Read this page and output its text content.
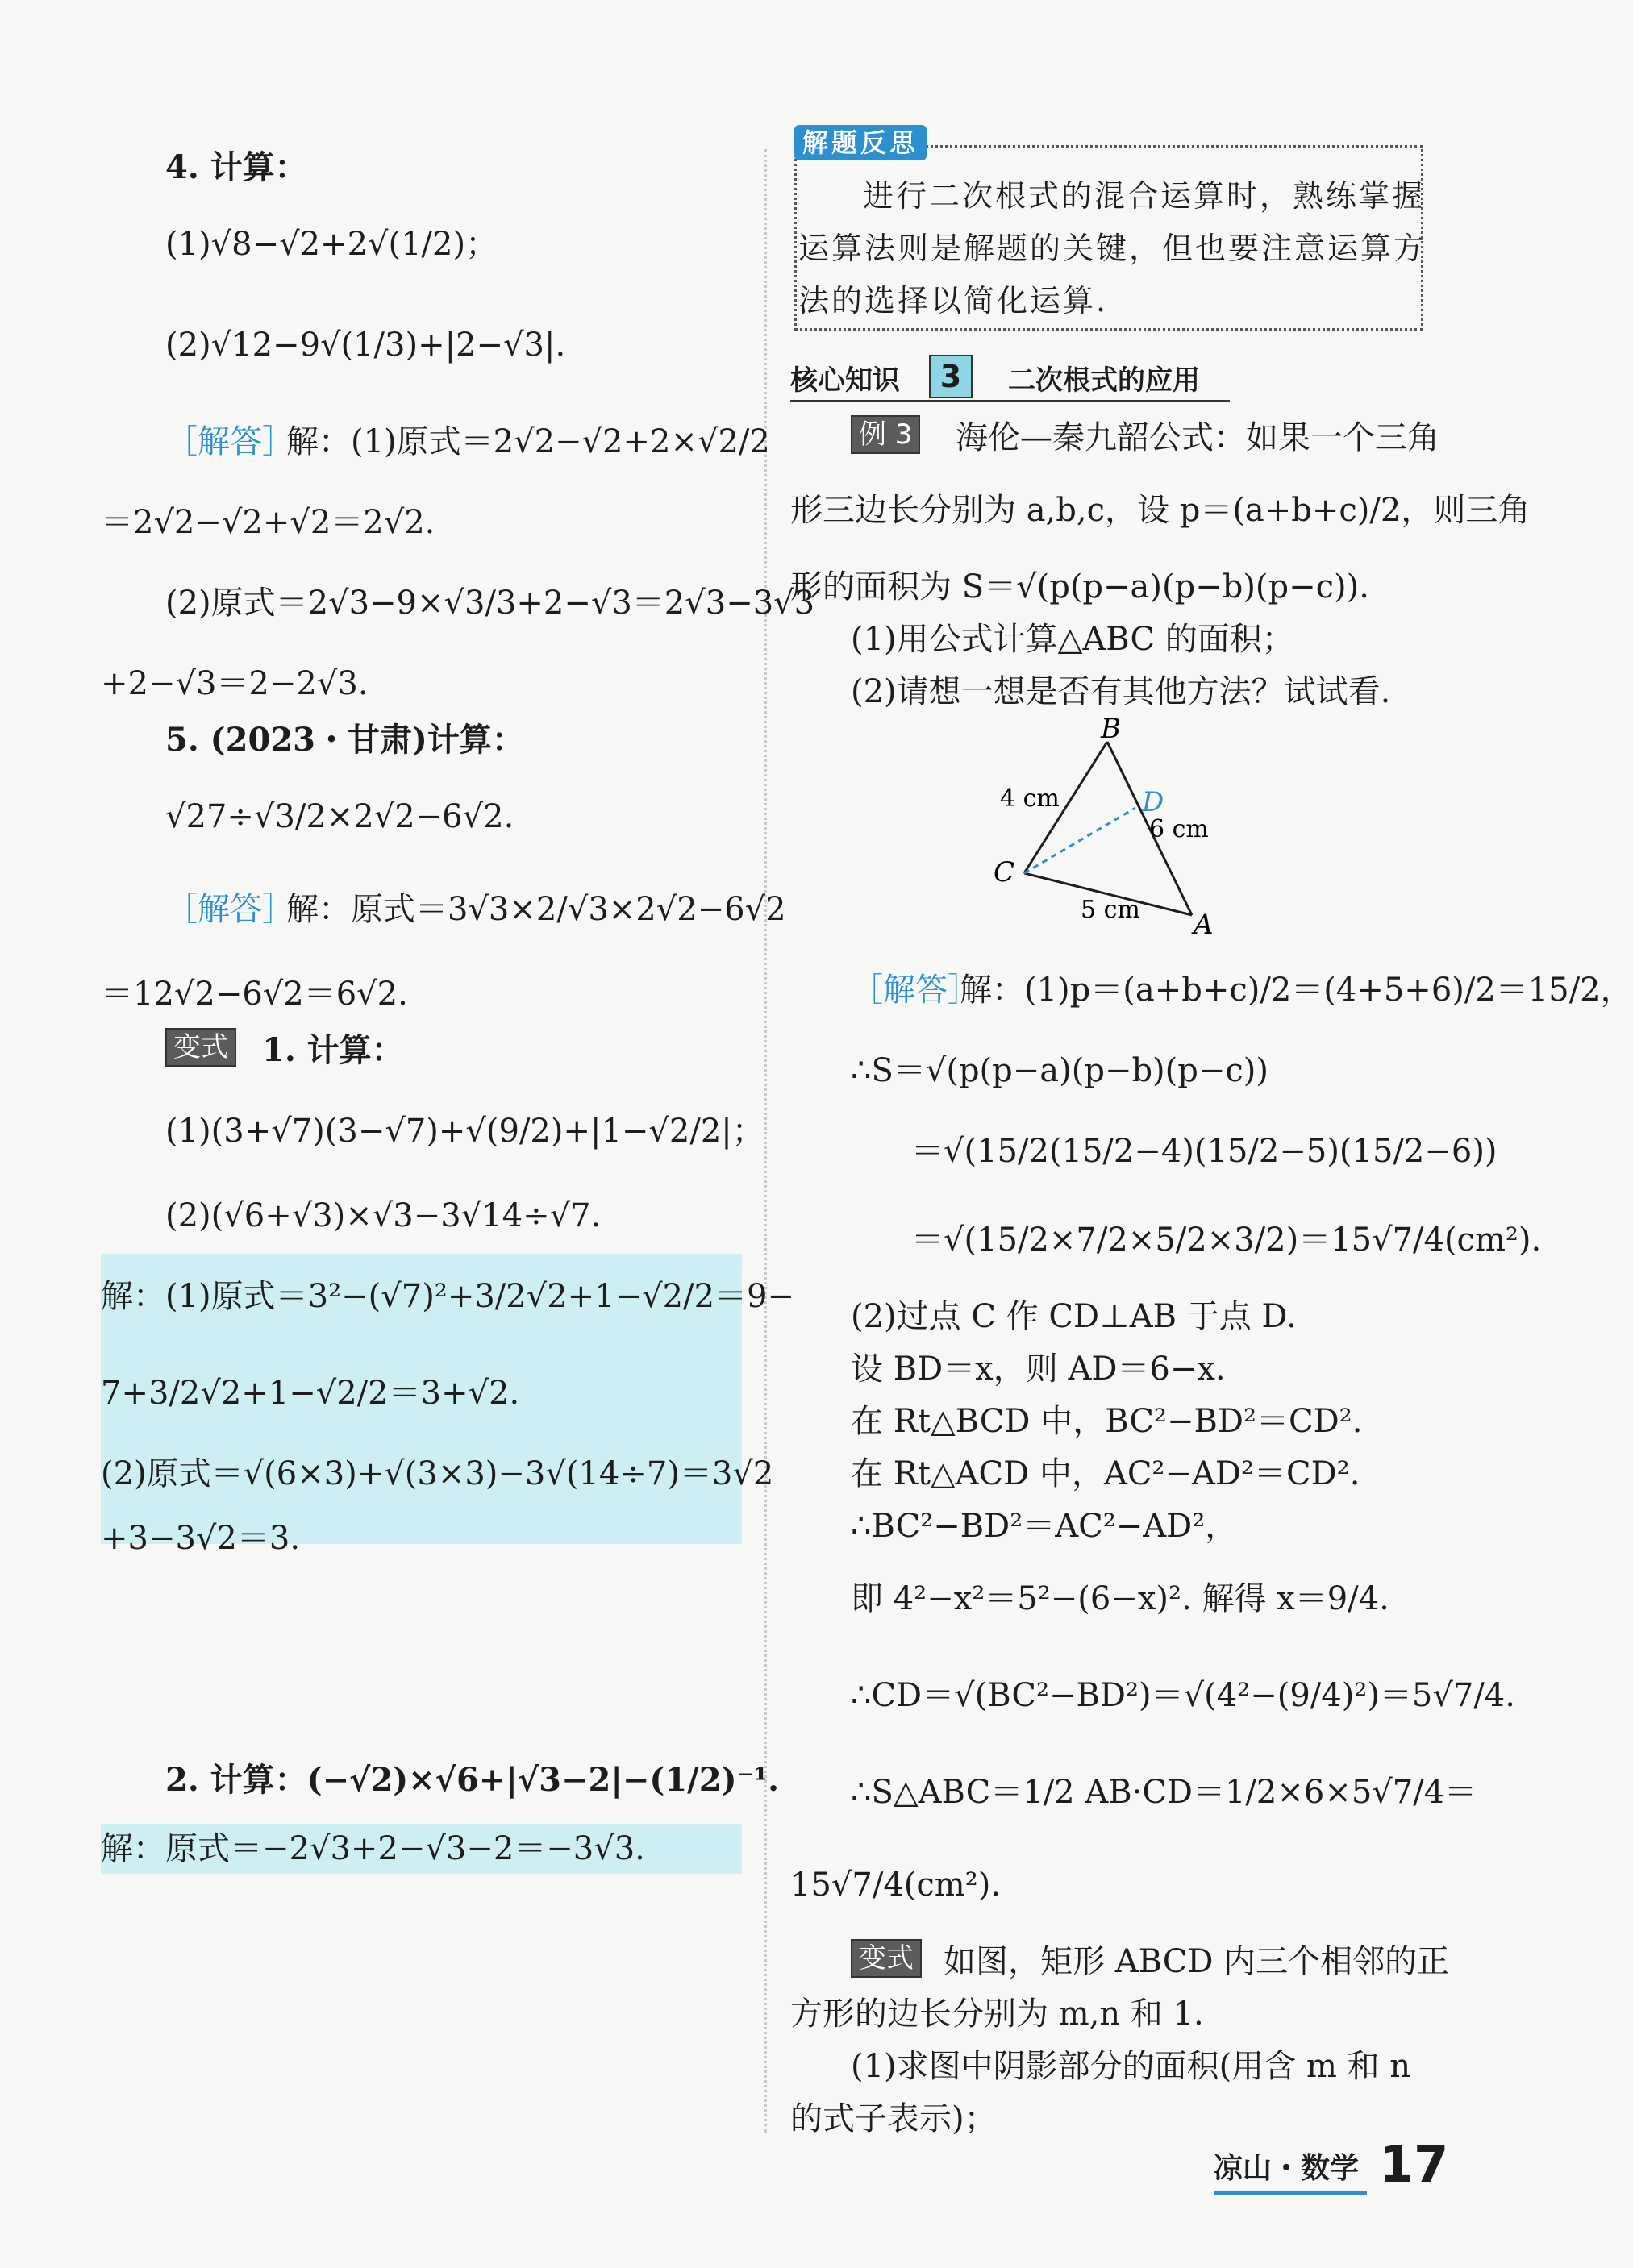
4. 计算：
(1)√8−√2+2√(1/2)；
(2)√12−9√(1/3)+|2−√3|.
［解答］
解：(1)原式＝2√2−√2+2×√2/2
＝2√2−√2+√2＝2√2.
(2)原式＝2√3−9×√3/3+2−√3＝2√3−3√3
+2−√3＝2−2√3.
5. (2023・甘肃)计算：
√27÷√3/2×2√2−6√2.
［解答］
解：原式＝3√3×2/√3×2√2−6√2
＝12√2−6√2＝6√2.
变式 1. 计算：
(1)(3+√7)(3−√7)+√(9/2)+|1−√2/2|；
(2)(√6+√3)×√3−3√14÷√7.
解：(1)原式＝3²−(√7)²+3/2√2+1−√2/2＝9−
7+3/2√2+1−√2/2＝3+√2.
(2)原式＝√(6×3)+√(3×3)−3√(14÷7)＝3√2
+3−3√2＝3.
2. 计算：(−√2)×√6+|√3−2|−(1/2)⁻¹.
解：原式＝−2√3+2−√3−2＝−3√3.
解题反思
进行二次根式的混合运算时，熟练掌握
运算法则是解题的关键，但也要注意运算方
法的选择以简化运算.
核心知识	3	二次根式的应用
例 3 海伦—秦九韶公式：如果一个三角
形三边长分别为 a,b,c，设 p＝(a+b+c)/2，则三角
形的面积为 S＝√(p(p−a)(p−b)(p−c)).
(1)用公式计算△ABC 的面积；
(2)请想一想是否有其他方法？试试看.
B
C
A
D
4 cm
6 cm
5 cm
［解答］
解：(1)p＝(a+b+c)/2＝(4+5+6)/2＝15/2，
∴S＝√(p(p−a)(p−b)(p−c))
＝√(15/2(15/2−4)(15/2−5)(15/2−6))
＝√(15/2×7/2×5/2×3/2)＝15√7/4(cm²).
(2)过点 C 作 CD⊥AB 于点 D.
设 BD＝x，则 AD＝6−x.
在 Rt△BCD 中，BC²−BD²＝CD².
在 Rt△ACD 中，AC²−AD²＝CD².
∴BC²−BD²＝AC²−AD²，
即 4²−x²＝5²−(6−x)². 解得 x＝9/4.
∴CD＝√(BC²−BD²)＝√(4²−(9/4)²)＝5√7/4.
∴S△ABC＝1/2 AB·CD＝1/2×6×5√7/4＝
15√7/4(cm²).
变式 如图，矩形 ABCD 内三个相邻的正
方形的边长分别为 m,n 和 1.
(1)求图中阴影部分的面积(用含 m 和 n
的式子表示)；
凉山・数学 17
